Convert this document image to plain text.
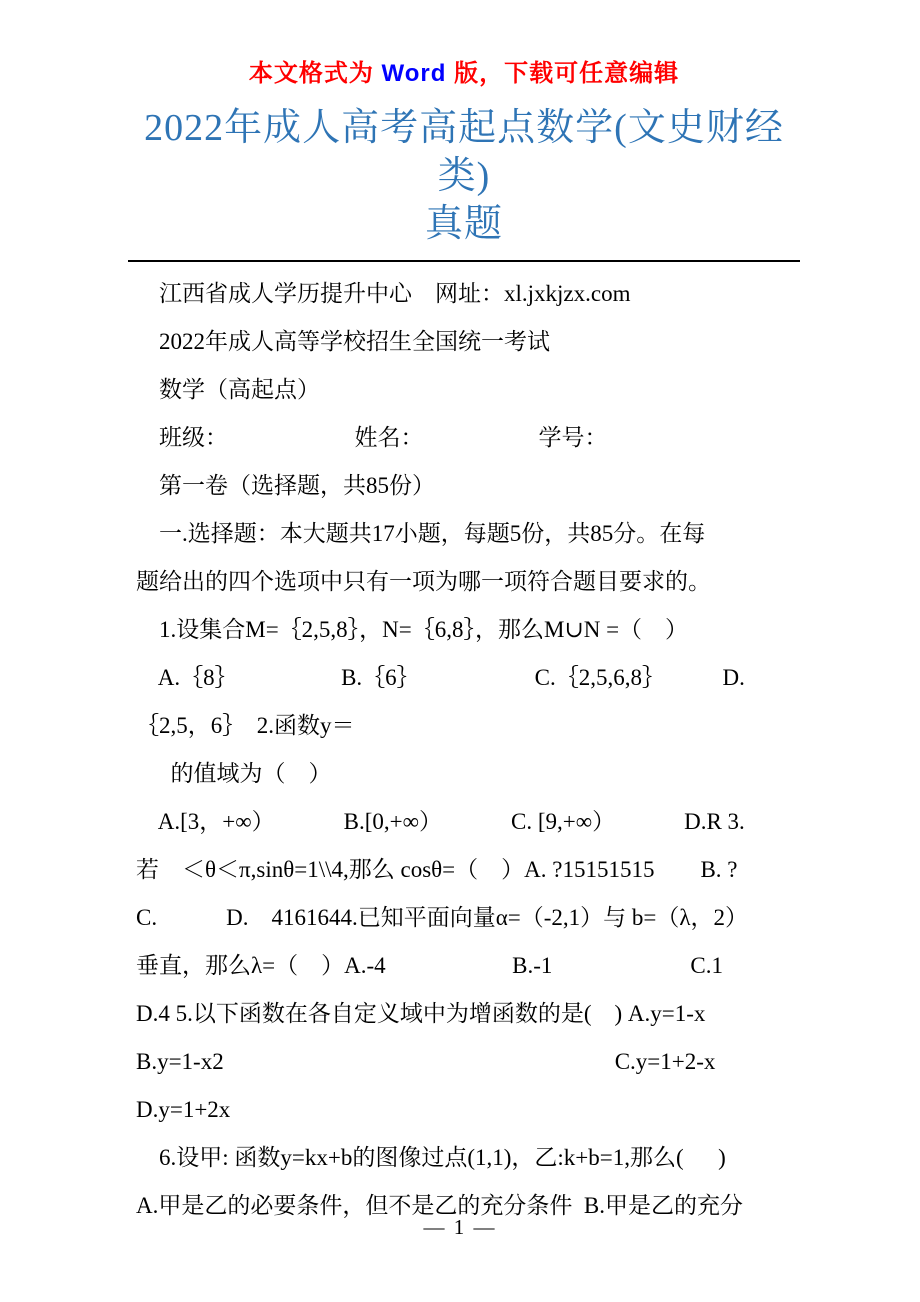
本文格式为 Word 版，下载可任意编辑
2022年成人高考高起点数学(文史财经类)
真题
江西省成人学历提升中心    网址：xl.jxkjzx.com
2022年成人高等学校招生全国统一考试
数学（高起点）
班级：                      姓名：                    学号：
第一卷（选择题，共85份）
一.选择题：本大题共17小题，每题5份，共85分。在每
题给出的四个选项中只有一项为哪一项符合题目要求的。
1.设集合M=｛2,5,8｝，N=｛6,8｝，那么M∪N =（    ）
A.｛8｝                  B.｛6｝                    C.｛2,5,6,8｝          D.
｛2,5，6｝  2.函数y＝
的值域为（    ）
A.[3，+∞）            B.[0,+∞）            C. [9,+∞）            D.R 3.
若    ＜θ＜π,sinθ=1\\4,那么 cosθ=（    ）A. ?15151515        B. ?
C.            D.    4161644.已知平面向量α=（-2,1）与 b=（λ，2）
垂直，那么λ=（    ）A.-4                      B.-1                        C.1
D.4 5.以下函数在各自定义域中为增函数的是(    ) A.y=1-x
B.y=1-x2                                                                    C.y=1+2-x
D.y=1+2x
6.设甲: 函数y=kx+b的图像过点(1,1)，乙:k+b=1,那么(      )
A.甲是乙的必要条件，但不是乙的充分条件  B.甲是乙的充分
— 1 —
